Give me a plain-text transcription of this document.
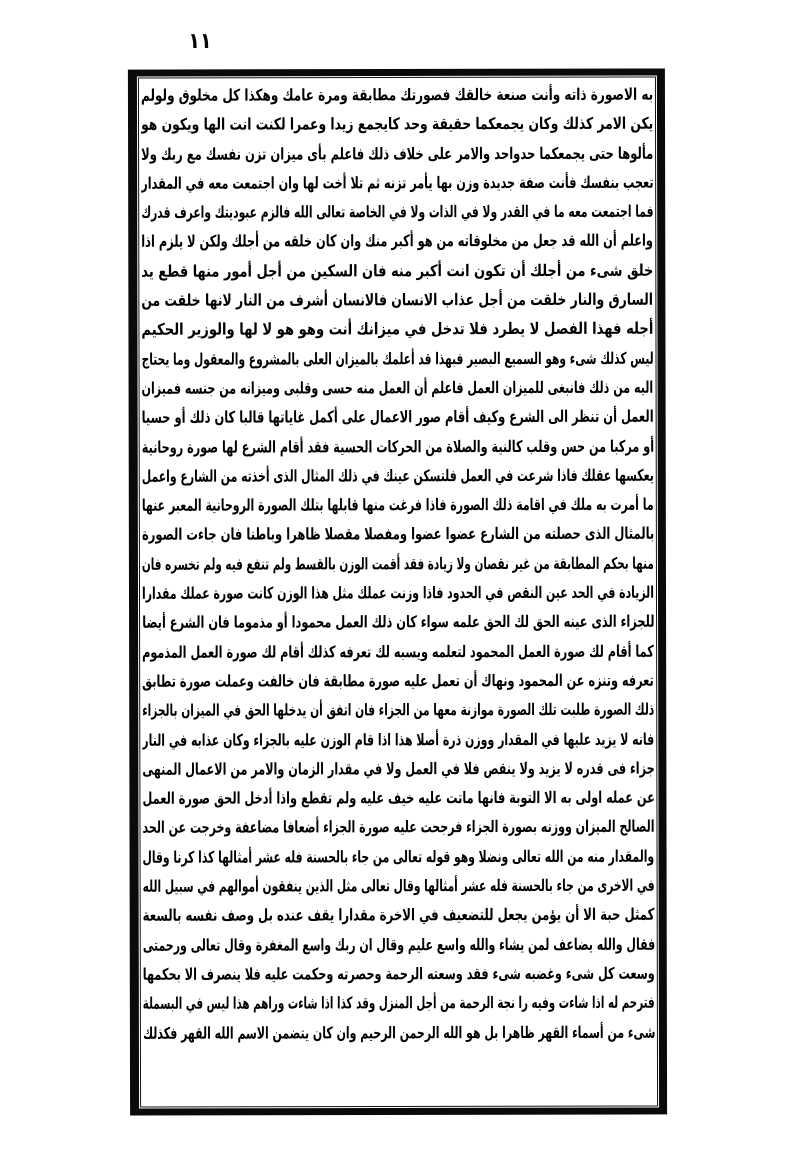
١١
به الاصورة ذاته وأنت صنعة خالقك فصورتك مطابقة ومرة عامك وهكذا كل مخلوق ولولم
يكن الامر كذلك وكان يجمعكما حقيقة وحد كايجمع زيدا وعمرا لكنت انت الها ويكون هو
مألوها حتى يجمعكما حدواحد والامر على خلاف ذلك فاعلم بأى ميزان تزن نفسك مع ربك ولا
تعجب بنفسك فأنت صفة جديدة وزن بها يأمر تزنه ثم تلا أخت لها وان اجتمعت معه في المقدار
فما اجتمعت معه ما في القدر ولا في الذات ولا في الخاصة تعالى الله فالزم عبوديتك واعرف قدرك
واعلم أن الله قد جعل من مخلوقاته من هو أكبر منك وان كان خلقه من أجلك ولكن لا يلزم اذا
خلق شىء من أجلك أن تكون انت أكبر منه فان السكين من أجل أمور منها قطع يد
السارق والنار خلقت من أجل عذاب الانسان فالانسان أشرف من النار لانها خلقت من
أجله فهذا الفصل لا يطرد فلا تدخل في ميزانك أنت وهو هو لا لها والوزير الحكيم
ليس كذلك شىء وهو السميع البصير فبهذا قد أعلمك بالميزان العلى بالمشروع والمعقول وما يحتاج
اليه من ذلك فانبغى للميزان العمل فاعلم أن العمل منه حسى وقلبى وميزانه من جنسه فميزان
العمل أن تنظر الى الشرع وكيف أقام صور الاعمال على أكمل غاياتها قالبا كان ذلك أو حسيا
أو مركبا من حس وقلب كالنية والصلاة من الحركات الحسية فقد أقام الشرع لها صورة روحانية
يعكسها عقلك فاذا شرعت في العمل فلتسكن عينك في ذلك المثال الذى أخذته من الشارع واعمل
ما أمرت به ملك في اقامة ذلك الصورة فاذا فرغت منها قابلها بتلك الصورة الروحانية المعبر عنها
بالمثال الذى حصلته من الشارع عضوا عضوا ومفصلا مقصلا ظاهرا وباطنا فان جاءت الصورة
منها بحكم المطابقة من غير نقصان ولا زيادة فقد أقمت الوزن بالقسط ولم تنفع فيه ولم تخسره فان
الزيادة في الحد عين النقص في الحدود فاذا وزنت عملك مثل هذا الوزن كانت صورة عملك مقدارا
للجزاء الذى عينه الحق لك الحق علمه سواء كان ذلك العمل محمودا أو مذموما فان الشرع أيضا
كما أقام لك صورة العمل المحمود لتعلمه ويسبه لك تعرفه كذلك أقام لك صورة العمل المذموم
تعرفه وتنزه عن المحمود ونهاك أن تعمل عليه صورة مطابقة فان خالفت وعملت صورة تطابق
ذلك الصورة طلبت تلك الصورة موازنة معها من الجزاء فان اتفق أن يدخلها الحق في الميزان بالجزاء
فانه لا يزيد عليها في المقدار ووزن ذرة أصلا هذا اذا قام الوزن عليه بالجزاء وكان عذابه في النار
جزاء فى قدره لا يزيد ولا ينقص فلا في العمل ولا في مقدار الزمان والامر من الاعمال المنهى
عن عمله اولى به الا التوبة فانها ماتت عليه خيف عليه ولم تقطع واذا أدخل الحق صورة العمل
الصالح الميزان ووزنه بصورة الجزاء فرجحت عليه صورة الجزاء أضعافا مضاعفة وخرجت عن الحد
والمقدار منه من الله تعالى ونضلا وهو قوله تعالى من جاء بالحسنة فله عشر أمثالها كذا كرنا وقال
في الاخرى من جاء بالحسنة فله عشر أمثالها وقال تعالى مثل الذين ينفقون أموالهم في سبيل الله
كمثل حبة الا أن يؤمن يجعل للتضعيف في الاخرة مقدارا يقف عنده بل وصف نفسه بالسعة
فقال والله يضاعف لمن يشاء والله واسع عليم وقال ان ربك واسع المغفرة وقال تعالى ورحمتى
وسعت كل شىء وغضبه شىء فقد وسعته الرحمة وحصرته وحكمت عليه فلا ينصرف الا بحكمها
فترحم له اذا شاءت وفيه را نجة الرحمة من أجل المنزل وقد كذا اذا شاءت وراهم هذا ليس في البسملة
شىء من أسماء القهر ظاهرا بل هو الله الرحمن الرحيم وان كان يتضمن الاسم الله القهر فكذلك
